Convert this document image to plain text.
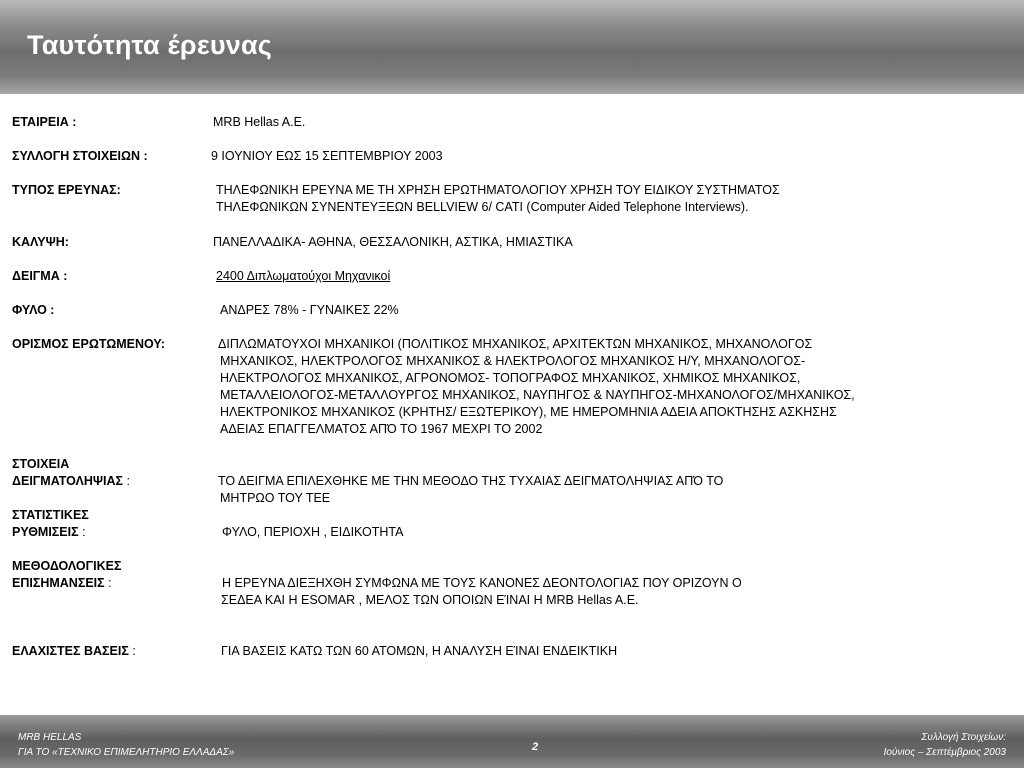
Ταυτότητα έρευνας
ΕΤΑΙΡΕΙΑ :	MRB Hellas A.E.
ΣΥΛΛΟΓΗ ΣΤΟΙΧΕΙΩΝ :	9 ΙΟΥΝΙΟΥ ΕΩΣ 15 ΣΕΠΤΕΜΒΡΙΟΥ 2003
ΤΥΠΟΣ ΕΡΕΥΝΑΣ:	ΤΗΛΕΦΩΝΙΚΗ ΕΡΕΥΝΑ ΜΕ ΤΗ ΧΡΗΣΗ ΕΡΩΤΗΜΑΤΟΛΟΓΙΟΥ ΧΡΗΣΗ ΤΟΥ ΕΙΔΙΚΟΥ ΣΥΣΤΗΜΑΤΟΣ
ΤΗΛΕΦΩΝΙΚΩΝ ΣΥΝΕΝΤΕΥΞΕΩΝ BELLVIEW 6/ CATI (Computer Aided Telephone Interviews).
ΚΑΛΥΨΗ:	ΠΑΝΕΛΛΑΔΙΚΑ- ΑΘΗΝΑ, ΘΕΣΣΑΛΟΝΙΚΗ, ΑΣΤΙΚΑ, ΗΜΙΑΣΤΙΚΑ
ΔΕΙΓΜΑ :	2400 Διπλωματούχοι Μηχανικοί
ΦΥΛΟ :	ΑΝΔΡΕΣ 78% - ΓΥΝΑΙΚΕΣ 22%
ΟΡΙΣΜΟΣ ΕΡΩΤΩΜΕΝΟΥ:	ΔΙΠΛΩΜΑΤΟΥΧΟΙ ΜΗΧΑΝΙΚΟΙ (ΠΟΛΙΤΙΚΟΣ ΜΗΧΑΝΙΚΟΣ, ΑΡΧΙΤΕΚΤΩΝ ΜΗΧΑΝΙΚΟΣ, ΜΗΧΑΝΟΛΟΓΟΣ
ΜΗΧΑΝΙΚΟΣ, ΗΛΕΚΤΡΟΛΟΓΟΣ ΜΗΧΑΝΙΚΟΣ & ΗΛΕΚΤΡΟΛΟΓΟΣ ΜΗΧΑΝΙΚΟΣ Η/Υ, ΜΗΧΑΝΟΛΟΓΟΣ-
ΗΛΕΚΤΡΟΛΟΓΟΣ ΜΗΧΑΝΙΚΟΣ, ΑΓΡΟΝΟΜΟΣ- ΤΟΠΟΓΡΑΦΟΣ ΜΗΧΑΝΙΚΟΣ, ΧΗΜΙΚΟΣ ΜΗΧΑΝΙΚΟΣ,
ΜΕΤΑΛΛΕΙΟΛΟΓΟΣ-ΜΕΤΑΛΛΟΥΡΓΟΣ ΜΗΧΑΝΙΚΟΣ, ΝΑΥΠΗΓΟΣ & ΝΑΥΠΗΓΟΣ-ΜΗΧΑΝΟΛΟΓΟΣ/ΜΗΧΑΝΙΚΟΣ,
ΗΛΕΚΤΡΟΝΙΚΟΣ ΜΗΧΑΝΙΚΟΣ (ΚΡΗΤΗΣ/ ΕΞΩΤΕΡΙΚΟΥ), ΜΕ ΗΜΕΡΟΜΗΝΙΑ ΑΔΕΙΑ ΑΠΟΚΤΗΣΗΣ ΑΣΚΗΣΗΣ
ΑΔΕΙΑΣ ΕΠΑΓΓΕΛΜΑΤΟΣ ΑΠΌ ΤΟ 1967 ΜΕΧΡΙ ΤΟ 2002
ΣΤΟΙΧΕΙΑ
ΔΕΙΓΜΑΤΟΛΗΨΙΑΣ :	ΤΟ ΔΕΙΓΜΑ ΕΠΙΛΕΧΘΗΚΕ ΜΕ ΤΗΝ ΜΕΘΟΔΟ ΤΗΣ ΤΥΧΑΙΑΣ ΔΕΙΓΜΑΤΟΛΗΨΙΑΣ ΑΠΌ ΤΟ
ΜΗΤΡΩΟ ΤΟΥ ΤΕΕ
ΣΤΑΤΙΣΤΙΚΕΣ
ΡΥΘΜΙΣΕΙΣ :	ΦΥΛΟ, ΠΕΡΙΟΧΗ , ΕΙΔΙΚΟΤΗΤΑ
ΜΕΘΟΔΟΛΟΓΙΚΕΣ
ΕΠΙΣΗΜΑΝΣΕΙΣ :	Η ΕΡΕΥΝΑ ΔΙΕΞΗΧΘΗ ΣΥΜΦΩΝΑ ΜΕ ΤΟΥΣ ΚΑΝΟΝΕΣ ΔΕΟΝΤΟΛΟΓΙΑΣ ΠΟΥ ΟΡΙΖΟΥΝ Ο
ΣΕΔΕΑ ΚΑΙ Η ESOMAR , ΜΕΛΟΣ ΤΩΝ ΟΠΟΙΩΝ ΕΊΝΑΙ Η MRB Hellas A.E.
ΕΛΑΧΙΣΤΕΣ ΒΑΣΕΙΣ :	ΓΙΑ ΒΑΣΕΙΣ ΚΑΤΩ ΤΩΝ 60 ΑΤΟΜΩΝ, Η ΑΝΑΛΥΣΗ ΕΊΝΑΙ ΕΝΔΕΙΚΤΙΚΗ
MRB HELLAS
ΓΙΑ ΤΟ «ΤΕΧΝΙΚΟ ΕΠΙΜΕΛΗΤΗΡΙΟ ΕΛΛΑΔΑΣ»	2
Συλλογή Στοιχείων:
Ιούνιος – Σεπτέμβριος 2003
